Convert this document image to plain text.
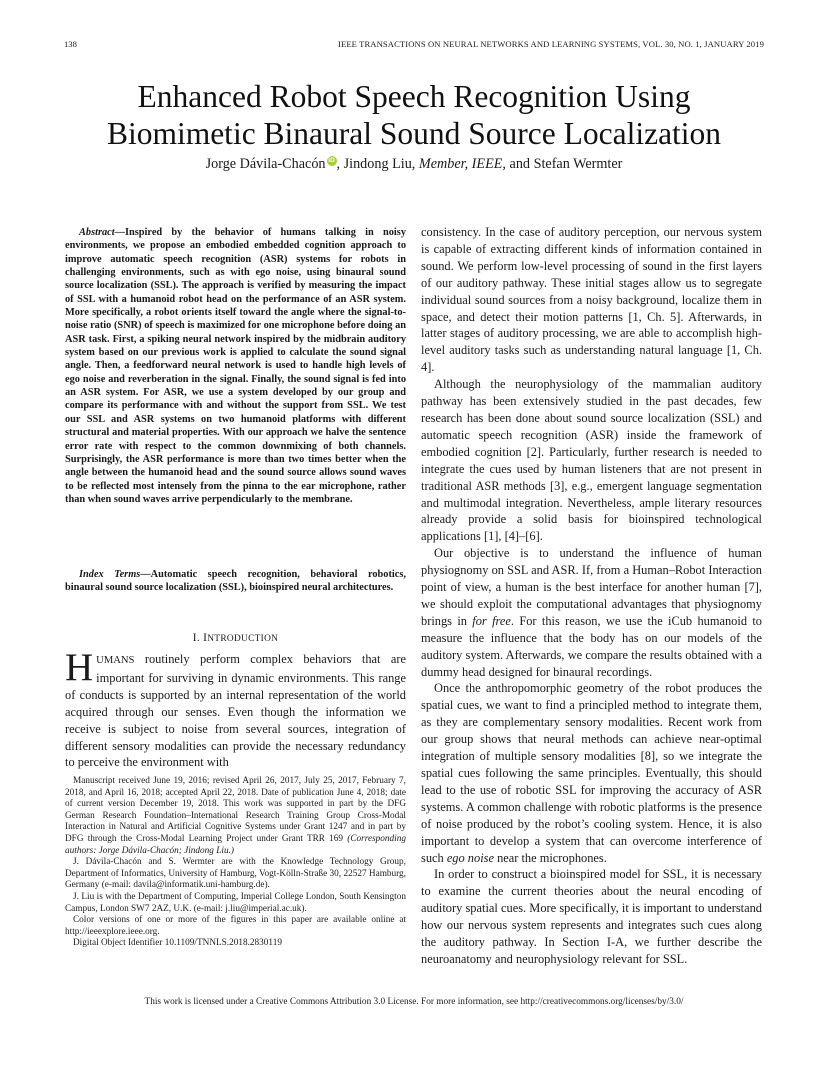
138	IEEE TRANSACTIONS ON NEURAL NETWORKS AND LEARNING SYSTEMS, VOL. 30, NO. 1, JANUARY 2019
Enhanced Robot Speech Recognition Using
Biomimetic Binaural Sound Source Localization
Jorge Dávila-Chacón iD , Jindong Liu, Member, IEEE, and Stefan Wermter

Abstract—Inspired by the behavior of humans talking in noisy environments, we propose an embodied embedded cognition approach to improve automatic speech recognition (ASR) systems for robots in challenging environments, such as with ego noise, using binaural sound source localization (SSL). The approach is verified by measuring the impact of SSL with a humanoid robot head on the performance of an ASR system. More specifically, a robot orients itself toward the angle where the signal-to-noise ratio (SNR) of speech is maximized for one microphone before doing an ASR task. First, a spiking neural network inspired by the midbrain auditory system based on our previous work is applied to calculate the sound signal angle. Then, a feedforward neural network is used to handle high levels of ego noise and reverberation in the signal. Finally, the sound signal is fed into an ASR system. For ASR, we use a system developed by our group and compare its performance with and without the support from SSL. We test our SSL and ASR systems on two humanoid platforms with different structural and material properties. With our approach we halve the sentence error rate with respect to the common downmixing of both channels. Surprisingly, the ASR performance is more than two times better when the angle between the humanoid head and the sound source allows sound waves to be reflected most intensely from the pinna to the ear microphone, rather than when sound waves arrive perpendicularly to the membrane.

Index Terms—Automatic speech recognition, behavioral robotics, binaural sound source localization (SSL), bioinspired neural architectures.

I. INTRODUCTION

HUMANS routinely perform complex behaviors that are important for surviving in dynamic environments. This range of conducts is supported by an internal representation of the world acquired through our senses. Even though the information we receive is subject to noise from several sources, integration of different sensory modalities can provide the necessary redundancy to perceive the environment with

Manuscript received June 19, 2016; revised April 26, 2017, July 25, 2017, February 7, 2018, and April 16, 2018; accepted April 22, 2018. Date of publication June 4, 2018; date of current version December 19, 2018. This work was supported in part by the DFG German Research Foundation–International Research Training Group Cross-Modal Interaction in Natural and Artificial Cognitive Systems under Grant 1247 and in part by DFG through the Cross-Modal Learning Project under Grant TRR 169 (Corresponding authors: Jorge Dávila-Chacón; Jindong Liu.)

J. Dávila-Chacón and S. Wermter are with the Knowledge Technology Group, Department of Informatics, University of Hamburg, Vogt-Kölln-Straße 30, 22527 Hamburg, Germany (e-mail: davila@informatik.uni-hamburg.de).

J. Liu is with the Department of Computing, Imperial College London, South Kensington Campus, London SW7 2AZ, U.K. (e-mail: j.liu@imperial.ac.uk).

Color versions of one or more of the figures in this paper are available online at http://ieeexplore.ieee.org.

Digital Object Identifier 10.1109/TNNLS.2018.2830119

consistency. In the case of auditory perception, our nervous system is capable of extracting different kinds of information contained in sound. We perform low-level processing of sound in the first layers of our auditory pathway. These initial stages allow us to segregate individual sound sources from a noisy background, localize them in space, and detect their motion patterns [1, Ch. 5]. Afterwards, in latter stages of auditory processing, we are able to accomplish high-level auditory tasks such as understanding natural language [1, Ch. 4].

Although the neurophysiology of the mammalian auditory pathway has been extensively studied in the past decades, few research has been done about sound source localization (SSL) and automatic speech recognition (ASR) inside the framework of embodied cognition [2]. Particularly, further research is needed to integrate the cues used by human listeners that are not present in traditional ASR methods [3], e.g., emergent language segmentation and multimodal integration. Nevertheless, ample literary resources already provide a solid basis for bioinspired technological applications [1], [4]–[6].

Our objective is to understand the influence of human physiognomy on SSL and ASR. If, from a Human–Robot Interaction point of view, a human is the best interface for another human [7], we should exploit the computational advantages that physiognomy brings in for free. For this reason, we use the iCub humanoid to measure the influence that the body has on our models of the auditory system. Afterwards, we compare the results obtained with a dummy head designed for binaural recordings.

Once the anthropomorphic geometry of the robot produces the spatial cues, we want to find a principled method to integrate them, as they are complementary sensory modalities. Recent work from our group shows that neural methods can achieve near-optimal integration of multiple sensory modalities [8], so we integrate the spatial cues following the same principles. Eventually, this should lead to the use of robotic SSL for improving the accuracy of ASR systems. A common challenge with robotic platforms is the presence of noise produced by the robot’s cooling system. Hence, it is also important to develop a system that can overcome interference of such ego noise near the microphones.

In order to construct a bioinspired model for SSL, it is necessary to examine the current theories about the neural encoding of auditory spatial cues. More specifically, it is important to understand how our nervous system represents and integrates such cues along the auditory pathway. In Section I-A, we further describe the neuroanatomy and neurophysiology relevant for SSL.

This work is licensed under a Creative Commons Attribution 3.0 License. For more information, see http://creativecommons.org/licenses/by/3.0/
